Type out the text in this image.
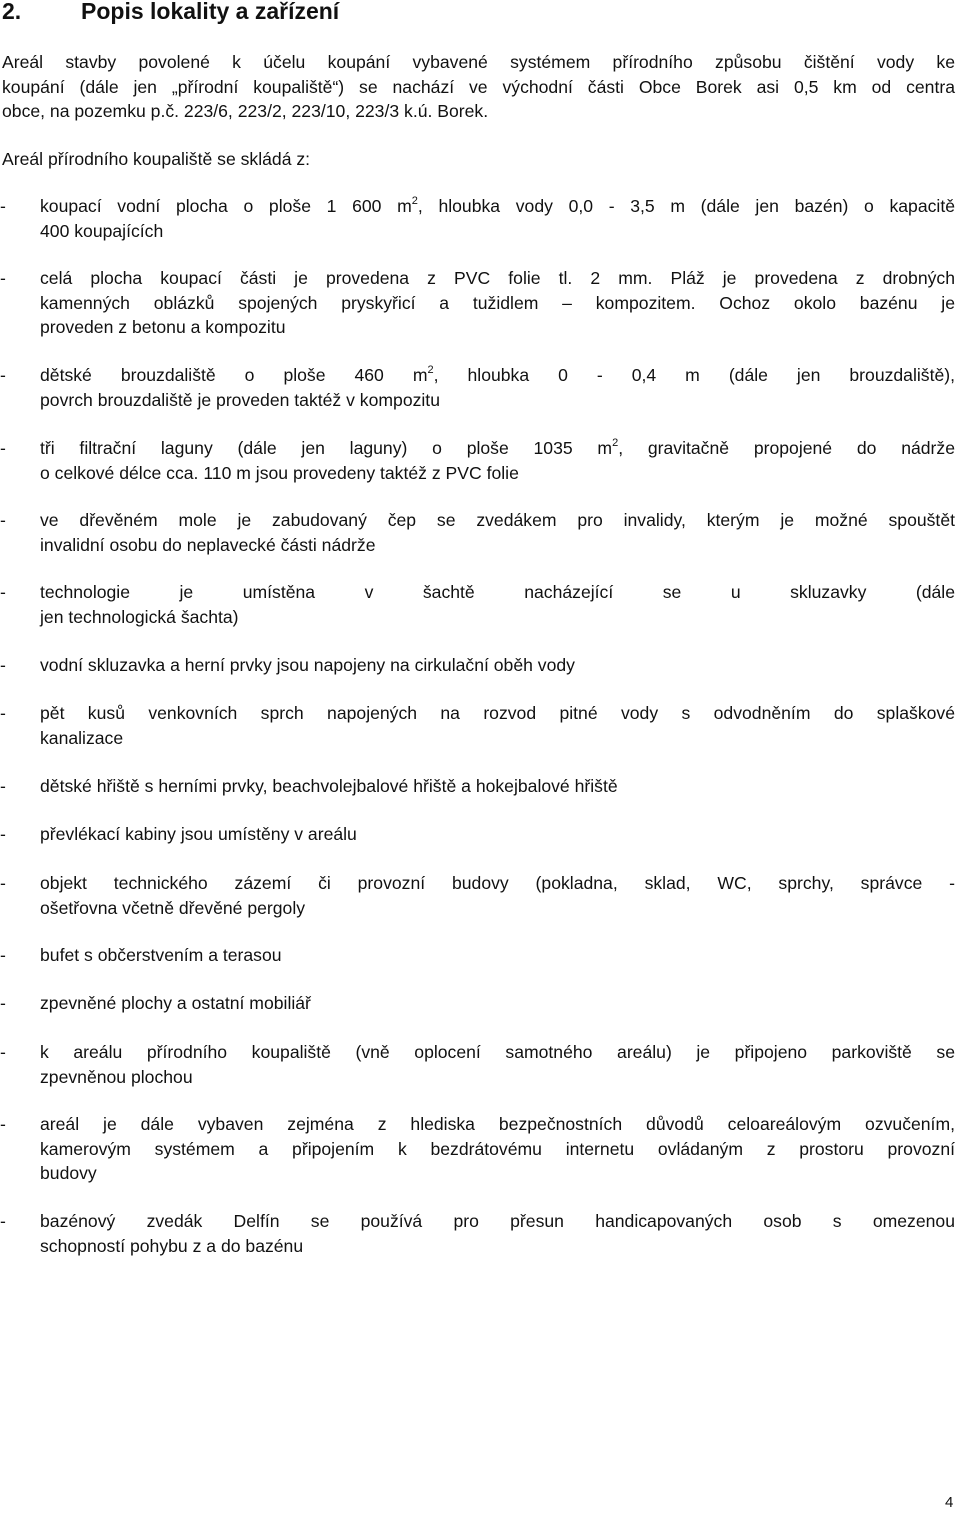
2.	Popis lokality a zařízení
Areál stavby povolené k účelu koupání vybavené systémem přírodního způsobu čištění vody ke
koupání (dále jen „přírodní koupaliště“) se nachází ve východní části Obce Borek asi 0,5 km od centra
obce, na pozemku p.č. 223/6, 223/2, 223/10, 223/3 k.ú. Borek.
Areál přírodního koupaliště se skládá z:
- koupací vodní plocha o ploše 1 600 $m^2$, hloubka vody 0,0 - 3,5 m (dále jen bazén) o kapacitě
400 koupajících
- celá plocha koupací části je provedena z PVC folie tl. 2 mm. Pláž je provedena z drobných
kamenných oblázků spojených pryskyřicí a tužidlem – kompozitem. Ochoz okolo bazénu je
proveden z betonu a kompozitu
- dětské brouzdaliště o ploše 460 $m^2$, hloubka 0 - 0,4 m (dále jen brouzdaliště),
povrch brouzdaliště je proveden taktéž v kompozitu
- tři filtrační laguny (dále jen laguny) o ploše 1035 $m^2$, gravitačně propojené do nádrže
o celkové délce cca. 110 m jsou provedeny taktéž z PVC folie
- ve dřevěném mole je zabudovaný čep se zvedákem pro invalidy, kterým je možné spouštět
invalidní osobu do neplavecké části nádrže
- technologie je umístěna v šachtě nacházející se u skluzavky (dále
jen technologická šachta)
- vodní skluzavka a herní prvky jsou napojeny na cirkulační oběh vody
- pět kusů venkovních sprch napojených na rozvod pitné vody s odvodněním do splaškové
kanalizace
- dětské hřiště s herními prvky, beachvolejbalové hřiště a hokejbalové hřiště
- převlékací kabiny jsou umístěny v areálu
- objekt technického zázemí či provozní budovy (pokladna, sklad, WC, sprchy, správce -
ošetřovna včetně dřevěné pergoly
- bufet s občerstvením a terasou
- zpevněné plochy a ostatní mobiliář
- k areálu přírodního koupaliště (vně oplocení samotného areálu) je připojeno parkoviště se
zpevněnou plochou
- areál je dále vybaven zejména z hlediska bezpečnostních důvodů celoareálovým ozvučením,
kamerovým systémem a připojením k bezdrátovému internetu ovládaným z prostoru provozní
budovy
- bazénový zvedák Delfín se používá pro přesun handicapovaných osob s omezenou
schopností pohybu z a do bazénu
4
